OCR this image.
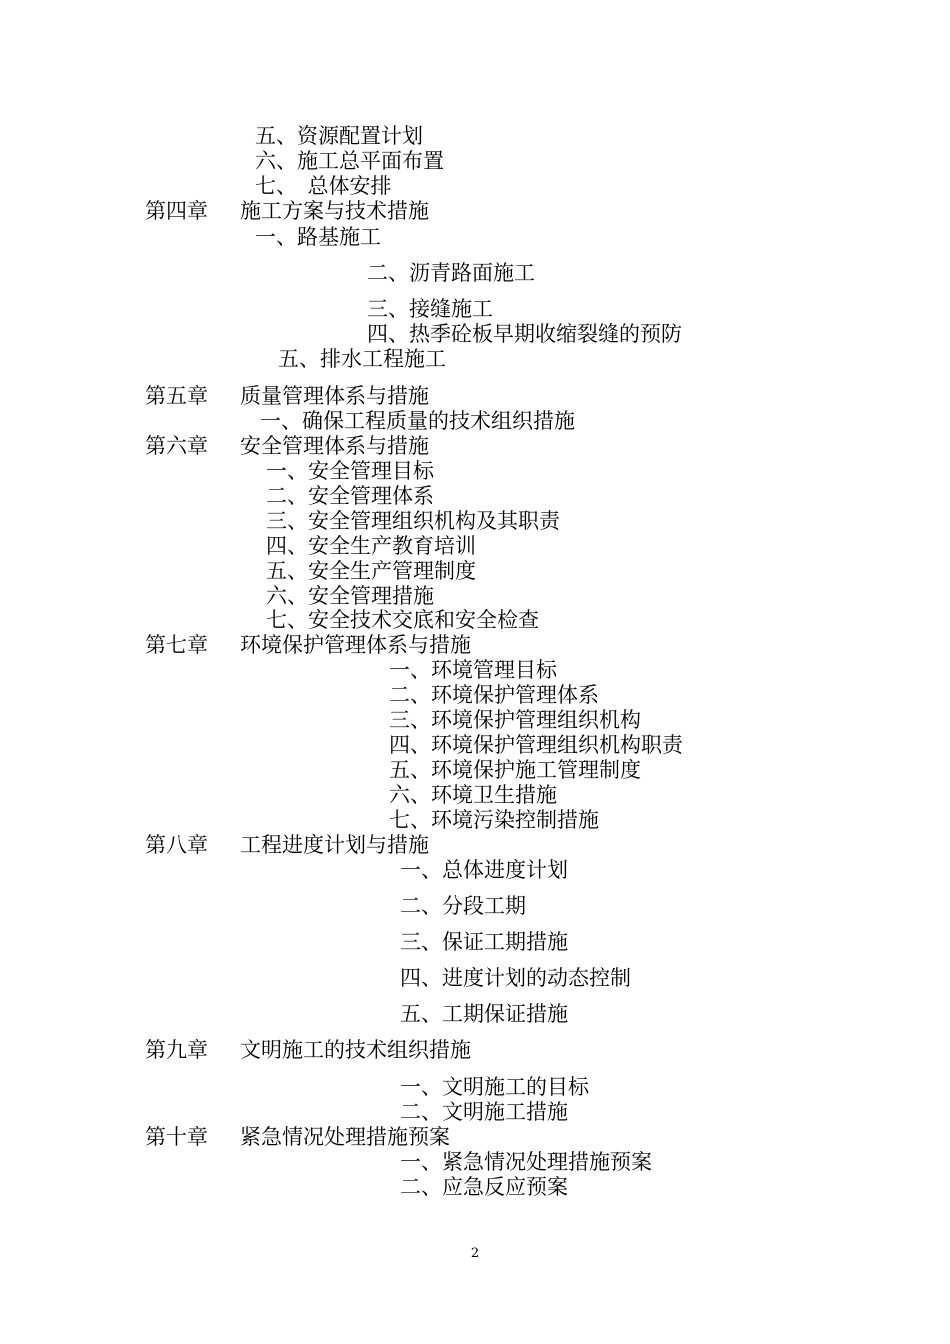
五、资源配置计划
六、施工总平面布置
七、　总体安排
第四章 施工方案与技术措施
一、路基施工
二、沥青路面施工
三、接缝施工
四、热季砼板早期收缩裂缝的预防
五、排水工程施工
第五章 质量管理体系与措施
一、确保工程质量的技术组织措施
第六章 安全管理体系与措施
一、安全管理目标
二、安全管理体系
三、安全管理组织机构及其职责
四、安全生产教育培训
五、安全生产管理制度
六、安全管理措施
七、安全技术交底和安全检查
第七章 环境保护管理体系与措施
一、环境管理目标
二、环境保护管理体系
三、环境保护管理组织机构
四、环境保护管理组织机构职责
五、环境保护施工管理制度
六、环境卫生措施
七、环境污染控制措施
第八章 工程进度计划与措施
一、总体进度计划
二、分段工期
三、保证工期措施
四、进度计划的动态控制
五、工期保证措施
第九章 文明施工的技术组织措施
一、文明施工的目标
二、文明施工措施
第十章 紧急情况处理措施预案
一、紧急情况处理措施预案
二、应急反应预案
2
